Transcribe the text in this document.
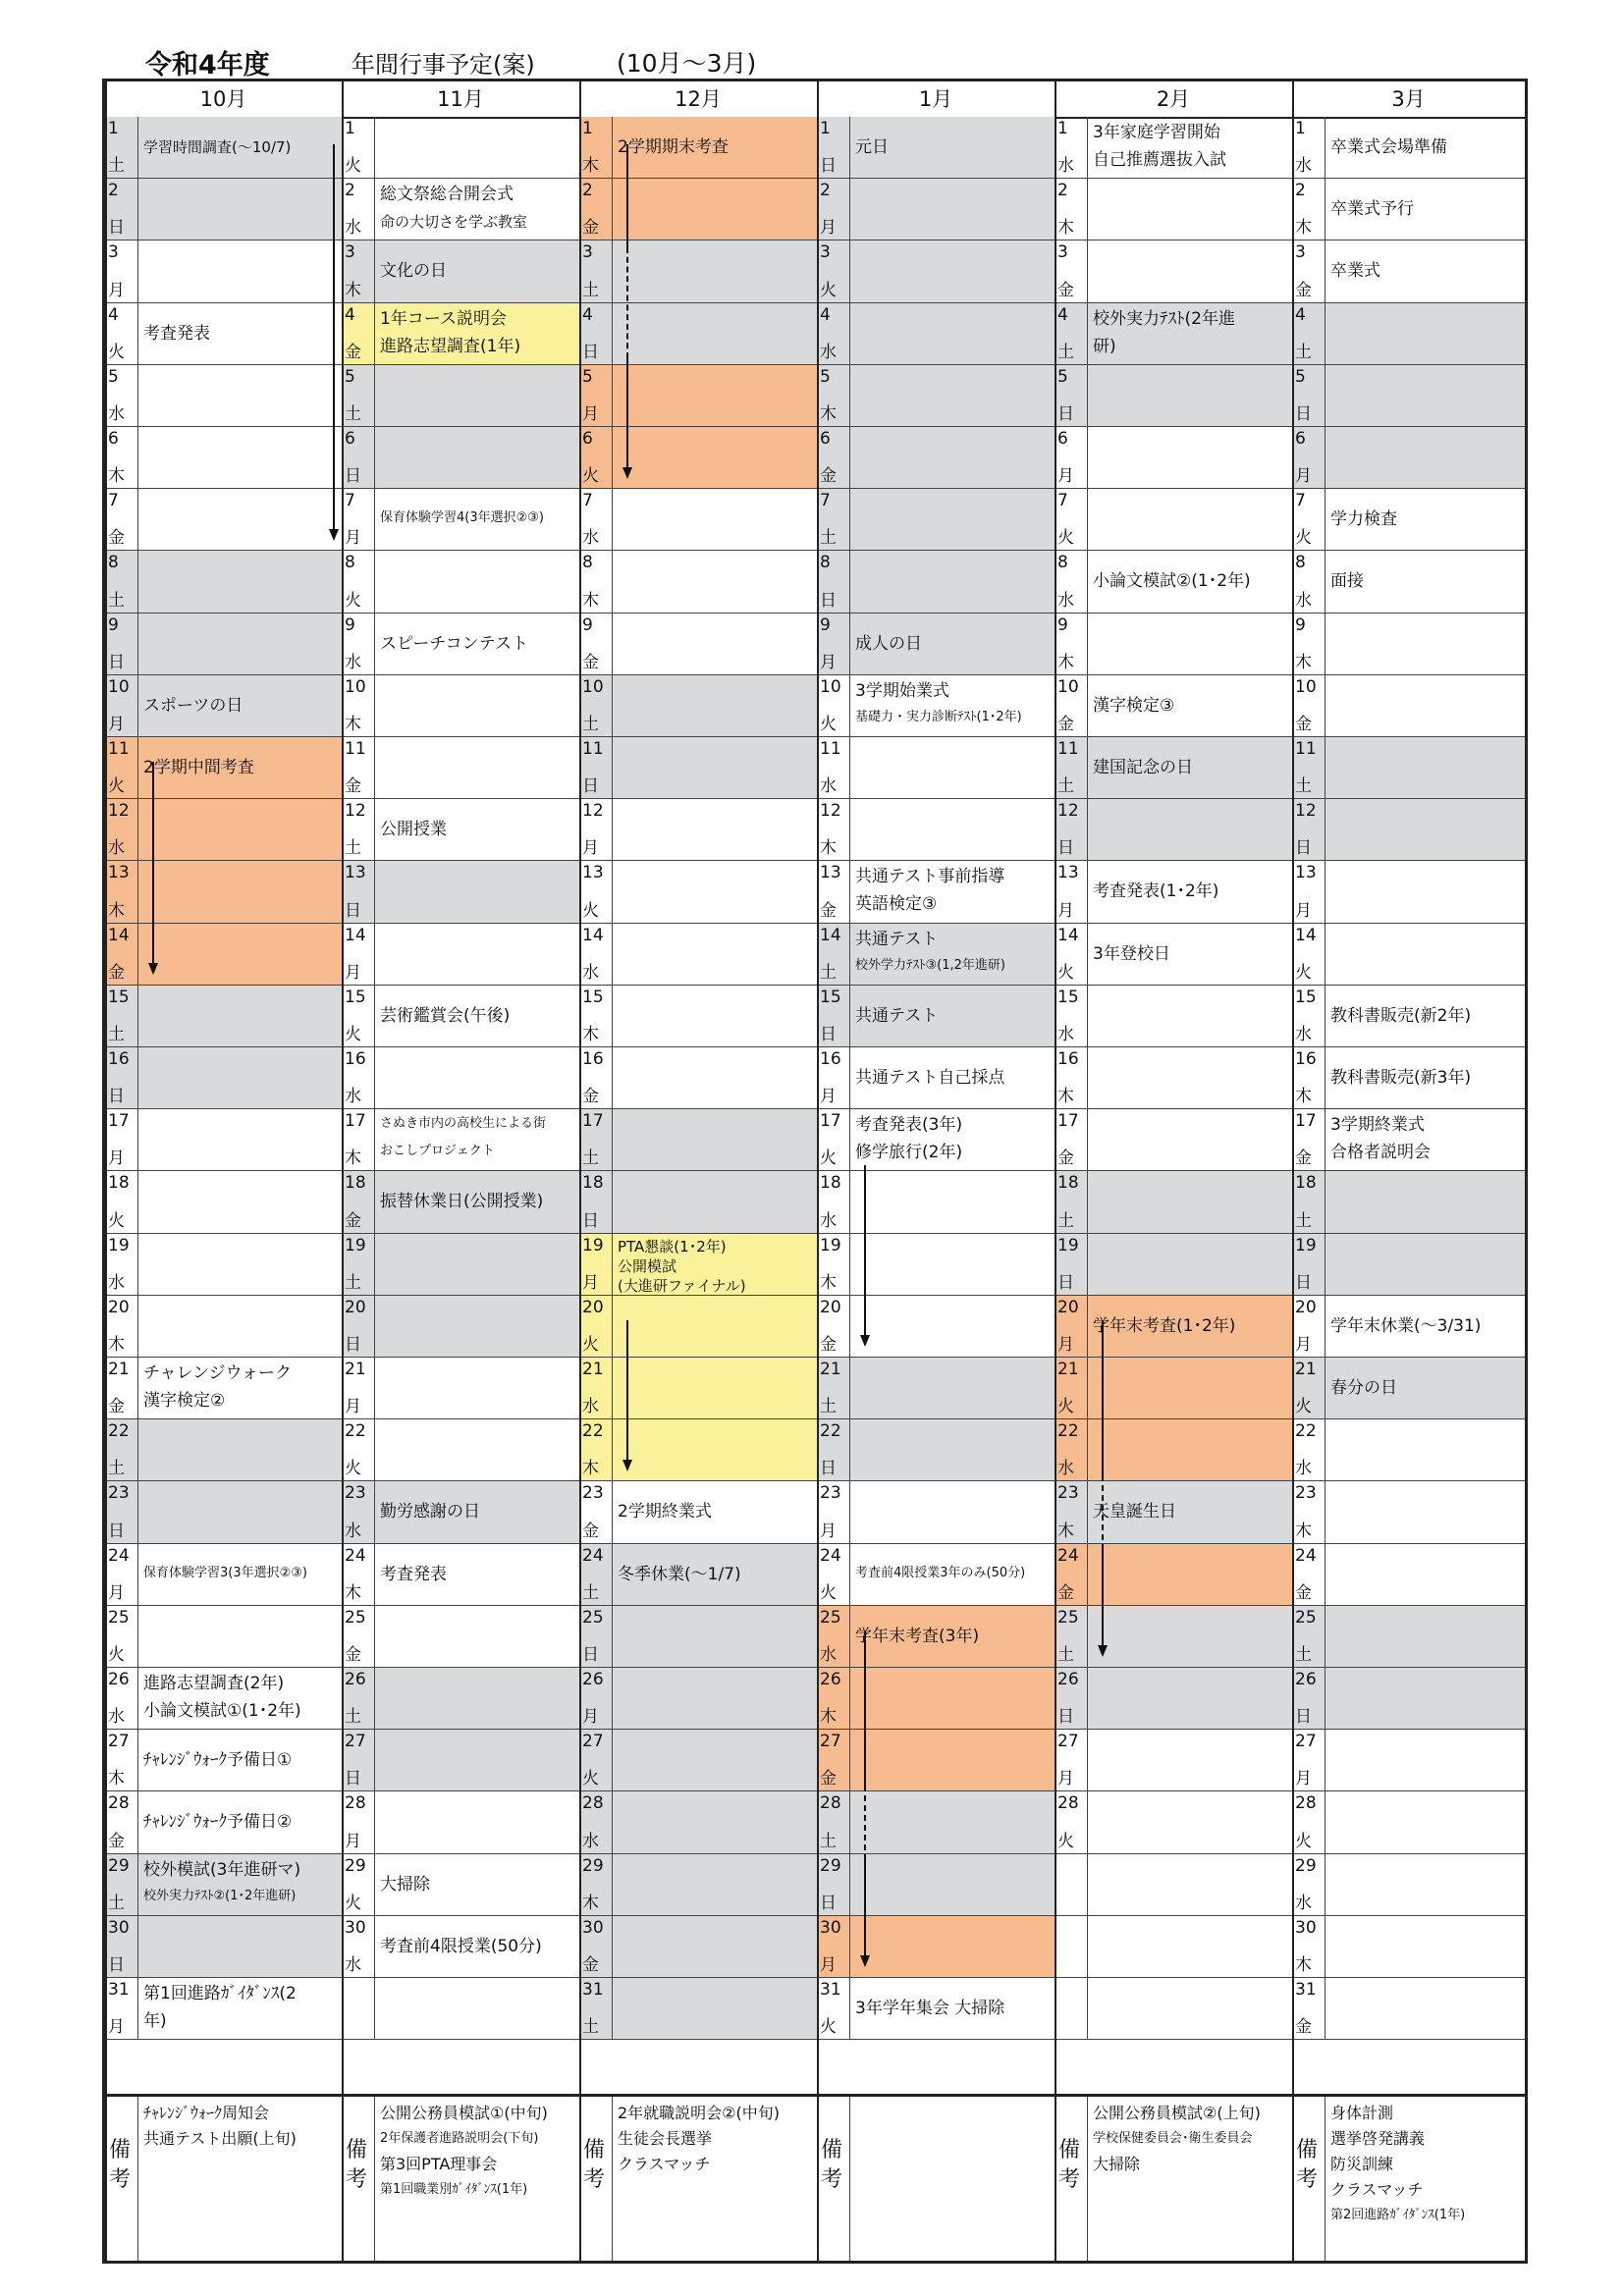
令和4年度	年間行事予定(案)	(10月～3月)
10月
1
土
学習時間調査(～10/7)
2
日
3
月
4
火
考査発表
5
水
6
木
7
金
8
土
9
日
10
月
スポーツの日
11
火
2学期中間考査
12
水
13
木
14
金
15
土
16
日
17
月
18
火
19
水
20
木
21
金
チャレンジウォーク
漢字検定②
22
土
23
日
24
月
保育体験学習3(3年選択②③)
25
火
26
水
進路志望調査(2年)
小論文模試①(1･2年)
27
木
ﾁｬﾚﾝｼﾞｳｫｰｸ予備日①
28
金
ﾁｬﾚﾝｼﾞｳｫｰｸ予備日②
29
土
校外模試(3年進研マ)
校外実力ﾃｽﾄ②(1･2年進研)
30
日
31
月
第1回進路ｶﾞｲﾀﾞﾝｽ(2
年)
備考
ﾁｬﾚﾝｼﾞｳｫｰｸ周知会
共通テスト出願(上旬)
11月
1
火
2
水
総文祭総合開会式
命の大切さを学ぶ教室
3
木
文化の日
4
金
1年コース説明会
進路志望調査(1年)
5
土
6
日
7
月
保育体験学習4(3年選択②③)
8
火
9
水
スピーチコンテスト
10
木
11
金
12
土
公開授業
13
日
14
月
15
火
芸術鑑賞会(午後)
16
水
17
木
さぬき市内の高校生による街
おこしプロジェクト
18
金
振替休業日(公開授業)
19
土
20
日
21
月
22
火
23
水
勤労感謝の日
24
木
考査発表
25
金
26
土
27
日
28
月
29
火
大掃除
30
水
考査前4限授業(50分)
備考
公開公務員模試①(中旬)
2年保護者進路説明会(下旬)
第3回PTA理事会
第1回職業別ｶﾞｲﾀﾞﾝｽ(1年)
12月
1
木
2学期期末考査
2
金
3
土
4
日
5
月
6
火
7
水
8
木
9
金
10
土
11
日
12
月
13
火
14
水
15
木
16
金
17
土
18
日
19
月
PTA懇談(1･2年)
公開模試
(大進研ファイナル)
20
火
21
水
22
木
23
金
2学期終業式
24
土
冬季休業(～1/7)
25
日
26
月
27
火
28
水
29
木
30
金
31
土
備考
2年就職説明会②(中旬)
生徒会長選挙
クラスマッチ
1月
1
日
元日
2
月
3
火
4
水
5
木
6
金
7
土
8
日
9
月
成人の日
10
火
3学期始業式
基礎力・実力診断ﾃｽﾄ(1･2年)
11
水
12
木
13
金
共通テスト事前指導
英語検定③
14
土
共通テスト
校外学力ﾃｽﾄ③(1,2年進研)
15
日
共通テスト
16
月
共通テスト自己採点
17
火
考査発表(3年)
修学旅行(2年)
18
水
19
木
20
金
21
土
22
日
23
月
24
火
考査前4限授業3年のみ(50分)
25
水
学年末考査(3年)
26
木
27
金
28
土
29
日
30
月
31
火
3年学年集会 大掃除
備考
2月
1
水
3年家庭学習開始
自己推薦選抜入試
2
木
3
金
4
土
校外実力ﾃｽﾄ(2年進
研)
5
日
6
月
7
火
8
水
小論文模試②(1･2年)
9
木
10
金
漢字検定③
11
土
建国記念の日
12
日
13
月
考査発表(1･2年)
14
火
3年登校日
15
水
16
木
17
金
18
土
19
日
20
月
学年末考査(1･2年)
21
火
22
水
23
木
天皇誕生日
24
金
25
土
26
日
27
月
28
火
備考
公開公務員模試②(上旬)
学校保健委員会･衛生委員会
大掃除
3月
1
水
卒業式会場準備
2
木
卒業式予行
3
金
卒業式
4
土
5
日
6
月
7
火
学力検査
8
水
面接
9
木
10
金
11
土
12
日
13
月
14
火
15
水
教科書販売(新2年)
16
木
教科書販売(新3年)
17
金
3学期終業式
合格者説明会
18
土
19
日
20
月
学年末休業(～3/31)
21
火
春分の日
22
水
23
木
24
金
25
土
26
日
27
月
28
火
29
水
30
木
31
金
備考
身体計測
選挙啓発講義
防災訓練
クラスマッチ
第2回進路ｶﾞｲﾀﾞﾝｽ(1年)
